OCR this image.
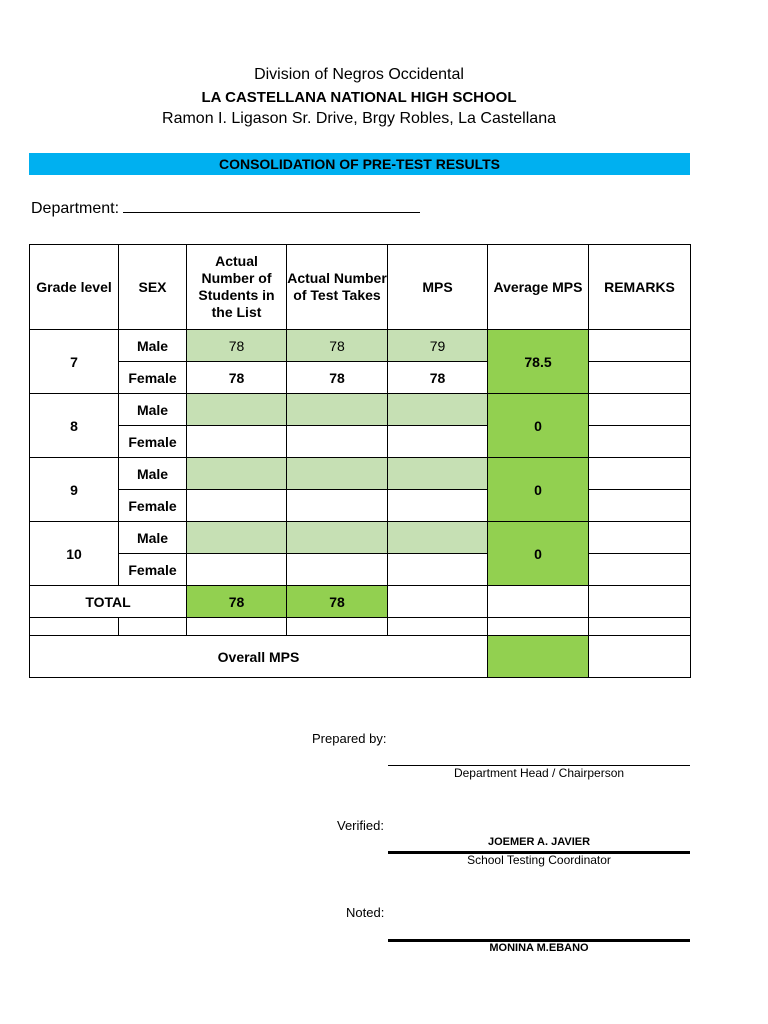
Division of Negros Occidental
LA CASTELLANA NATIONAL HIGH SCHOOL
Ramon I. Ligason Sr. Drive, Brgy Robles, La Castellana
CONSOLIDATION OF PRE-TEST RESULTS
Department:
Grade level	SEX	Actual Number of Students in the List	Actual Number of Test Takes	MPS	Average MPS	REMARKS
7	Male	78	78	79	78.5	
	Female	78	78	78		
8	Male				0	
	Female					
9	Male				0	
	Female					
10	Male				0	
	Female					
TOTAL		78	78			

Overall MPS						
Prepared by:
Department Head / Chairperson
Verified:
JOEMER A. JAVIER
School Testing Coordinator
Noted:
MONINA M.EBANO
